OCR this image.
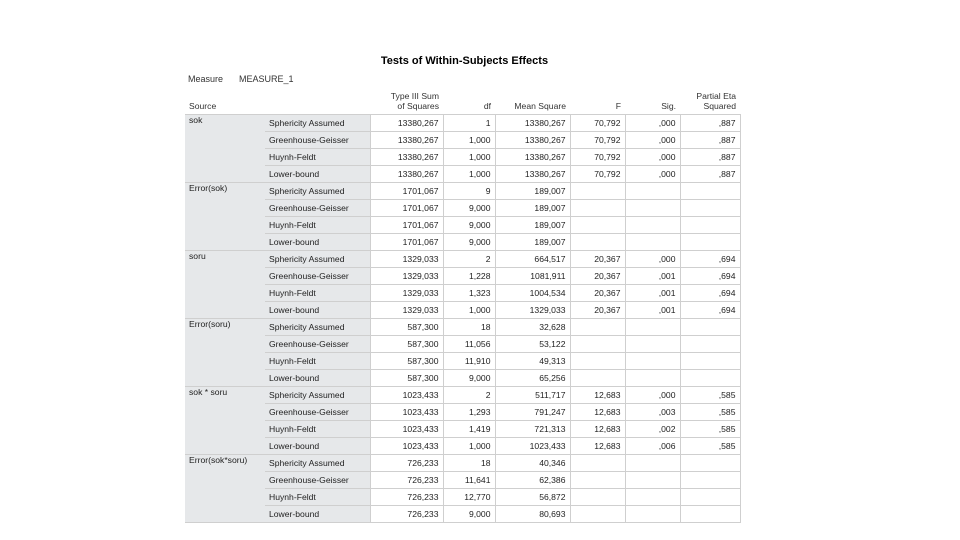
Tests of Within-Subjects Effects
Measure MEASURE_1
Source		Type III Sum
of Squares	df	Mean Square	F	Sig.	Partial Eta
Squared
sok	Sphericity Assumed	13380,267	1	13380,267	70,792	,000	,887
	Greenhouse-Geisser	13380,267	1,000	13380,267	70,792	,000	,887
	Huynh-Feldt	13380,267	1,000	13380,267	70,792	,000	,887
	Lower-bound	13380,267	1,000	13380,267	70,792	,000	,887
Error(sok)	Sphericity Assumed	1701,067	9	189,007			
	Greenhouse-Geisser	1701,067	9,000	189,007			
	Huynh-Feldt	1701,067	9,000	189,007			
	Lower-bound	1701,067	9,000	189,007			
soru	Sphericity Assumed	1329,033	2	664,517	20,367	,000	,694
	Greenhouse-Geisser	1329,033	1,228	1081,911	20,367	,001	,694
	Huynh-Feldt	1329,033	1,323	1004,534	20,367	,001	,694
	Lower-bound	1329,033	1,000	1329,033	20,367	,001	,694
Error(soru)	Sphericity Assumed	587,300	18	32,628			
	Greenhouse-Geisser	587,300	11,056	53,122			
	Huynh-Feldt	587,300	11,910	49,313			
	Lower-bound	587,300	9,000	65,256			
sok * soru	Sphericity Assumed	1023,433	2	511,717	12,683	,000	,585
	Greenhouse-Geisser	1023,433	1,293	791,247	12,683	,003	,585
	Huynh-Feldt	1023,433	1,419	721,313	12,683	,002	,585
	Lower-bound	1023,433	1,000	1023,433	12,683	,006	,585
Error(sok*soru)	Sphericity Assumed	726,233	18	40,346			
	Greenhouse-Geisser	726,233	11,641	62,386			
	Huynh-Feldt	726,233	12,770	56,872			
	Lower-bound	726,233	9,000	80,693			
